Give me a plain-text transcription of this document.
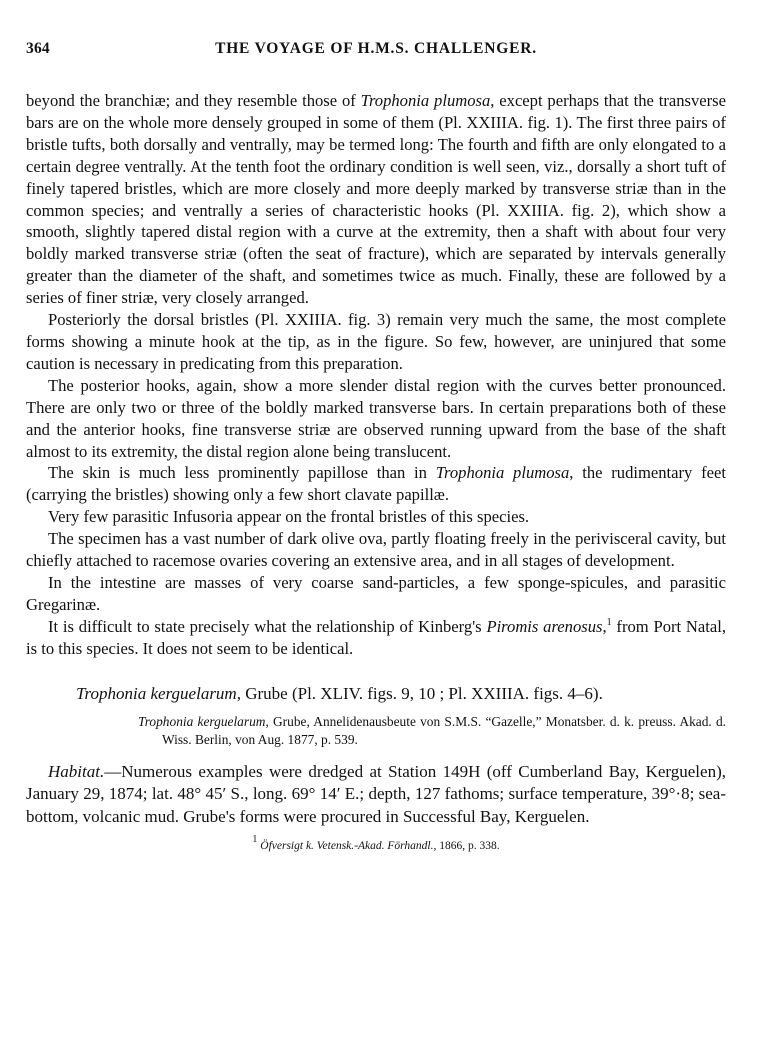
364	THE VOYAGE OF H.M.S. CHALLENGER.

beyond the branchiæ; and they resemble those of Trophonia plumosa, except perhaps that the transverse bars are on the whole more densely grouped in some of them (Pl. XXIIIA. fig. 1). The first three pairs of bristle tufts, both dorsally and ventrally, may be termed long: The fourth and fifth are only elongated to a certain degree ventrally. At the tenth foot the ordinary condition is well seen, viz., dorsally a short tuft of finely tapered bristles, which are more closely and more deeply marked by transverse striæ than in the common species; and ventrally a series of characteristic hooks (Pl. XXIIIA. fig. 2), which show a smooth, slightly tapered distal region with a curve at the extremity, then a shaft with about four very boldly marked transverse striæ (often the seat of fracture), which are separated by intervals generally greater than the diameter of the shaft, and sometimes twice as much. Finally, these are followed by a series of finer striæ, very closely arranged.

Posteriorly the dorsal bristles (Pl. XXIIIA. fig. 3) remain very much the same, the most complete forms showing a minute hook at the tip, as in the figure. So few, however, are uninjured that some caution is necessary in predicating from this preparation.

The posterior hooks, again, show a more slender distal region with the curves better pronounced. There are only two or three of the boldly marked transverse bars. In certain preparations both of these and the anterior hooks, fine transverse striæ are observed running upward from the base of the shaft almost to its extremity, the distal region alone being translucent.

The skin is much less prominently papillose than in Trophonia plumosa, the rudimentary feet (carrying the bristles) showing only a few short clavate papillæ.

Very few parasitic Infusoria appear on the frontal bristles of this species.

The specimen has a vast number of dark olive ova, partly floating freely in the perivisceral cavity, but chiefly attached to racemose ovaries covering an extensive area, and in all stages of development.

In the intestine are masses of very coarse sand-particles, a few sponge-spicules, and parasitic Gregarinæ.

It is difficult to state precisely what the relationship of Kinberg's Piromis arenosus,$^1$ from Port Natal, is to this species. It does not seem to be identical.

Trophonia kerguelarum, Grube (Pl. XLIV. figs. 9, 10 ; Pl. XXIIIA. figs. 4–6).
Trophonia kerguelarum, Grube, Annelidenausbeute von S.M.S. “Gazelle,” Monatsber. d. k. preuss. Akad. d. Wiss. Berlin, von Aug. 1877, p. 539.
Habitat.—Numerous examples were dredged at Station 149H (off Cumberland Bay, Kerguelen), January 29, 1874; lat. 48° 45′ S., long. 69° 14′ E.; depth, 127 fathoms; surface temperature, 39°·8; sea-bottom, volcanic mud. Grube's forms were procured in Successful Bay, Kerguelen.
$^1$ Öfversigt k. Vetensk.-Akad. Förhandl., 1866, p. 338.
